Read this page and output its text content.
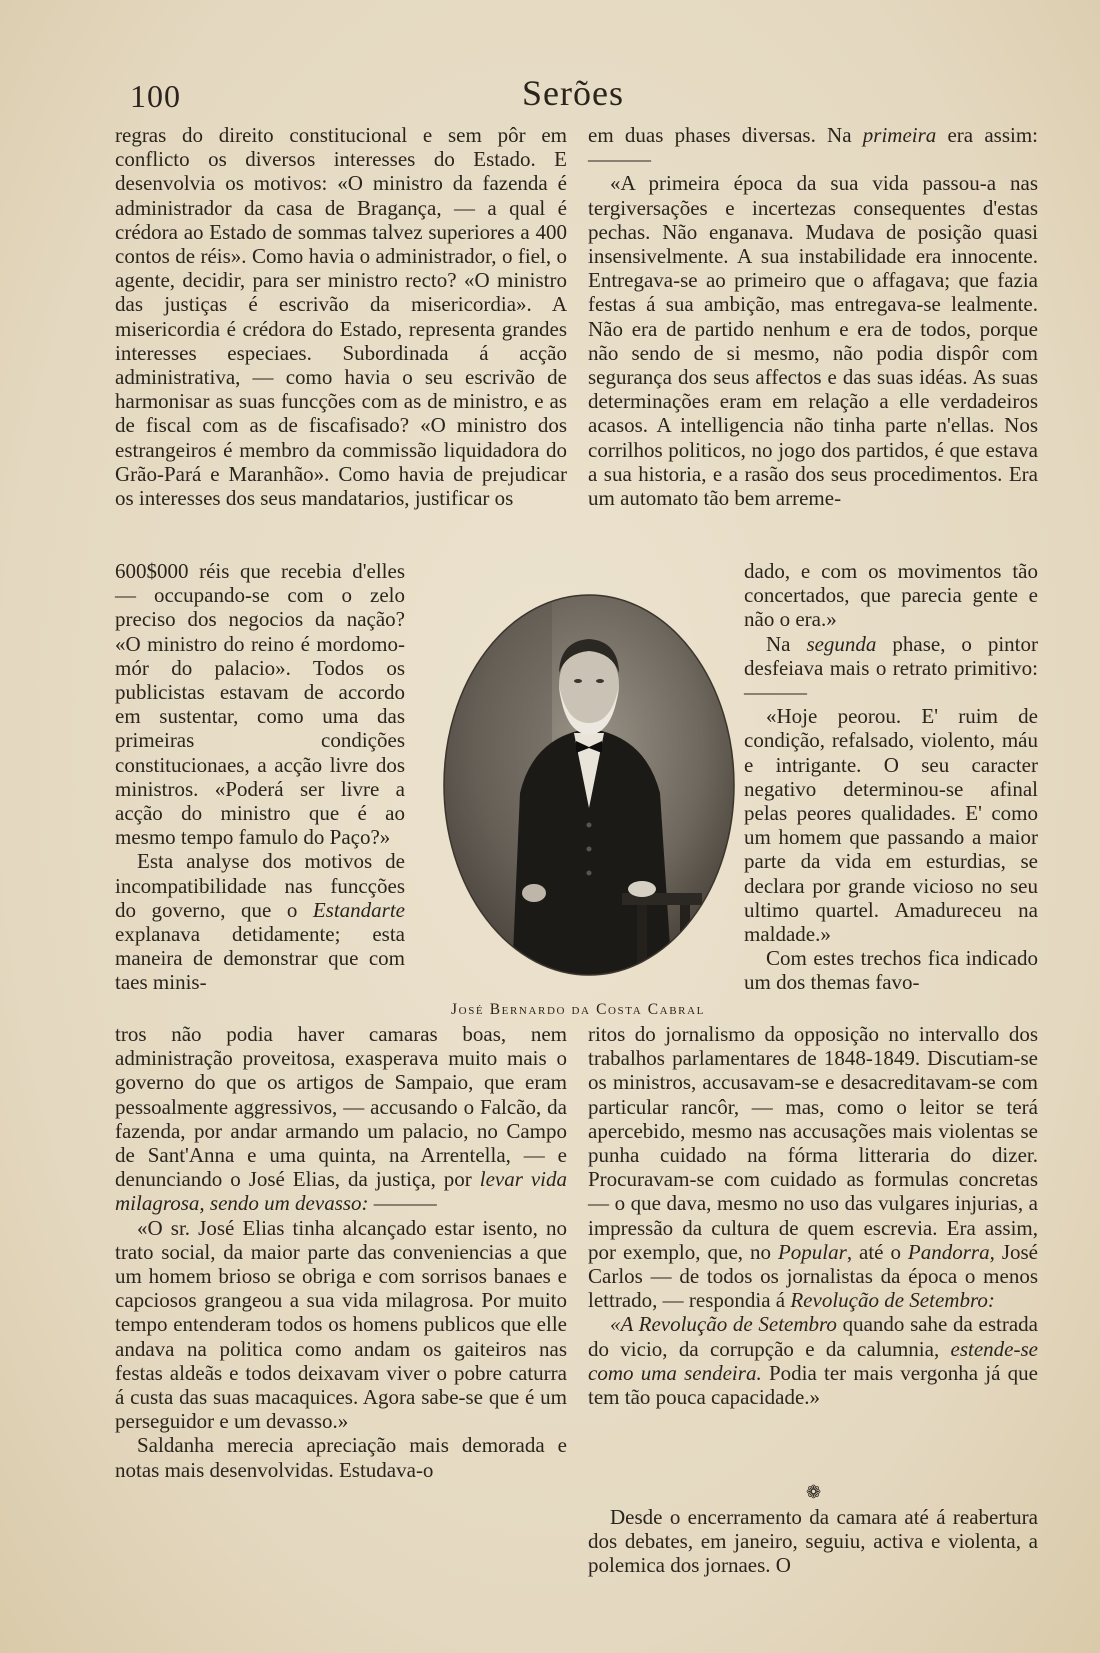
100	Serões

regras do direito constitucional e sem pôr em conflicto os diversos interesses do Estado. E desenvolvia os motivos: «O ministro da fazenda é administrador da casa de Bragança, — a qual é crédora ao Estado de sommas talvez superiores a 400 contos de réis». Como havia o administrador, o fiel, o agente, decidir, para ser ministro recto? «O ministro das justiças é escrivão da misericordia». A misericordia é crédora do Estado, representa grandes interesses especiaes. Subordinada á acção administrativa, — como havia o seu escrivão de harmonisar as suas funcções com as de ministro, e as de fiscal com as de fiscafisado? «O ministro dos estrangeiros é membro da commissão liquidadora do Grão-Pará e Maranhão». Como havia de prejudicar os interesses dos seus mandatarios, justificar os

600$000 réis que recebia d'elles — occupando-se com o zelo preciso dos negocios da nação? «O ministro do reino é mordomo-mór do palacio». Todos os publicistas estavam de accordo em sustentar, como uma das primeiras condições constitucionaes, a acção livre dos ministros. «Poderá ser livre a acção do ministro que é ao mesmo tempo famulo do Paço?»

Esta analyse dos motivos de incompatibilidade nas funcções do governo, que o Estandarte explanava detidamente; esta maneira de demonstrar que com taes minis-

José Bernardo da Costa Cabral

tros não podia haver camaras boas, nem administração proveitosa, exasperava muito mais o governo do que os artigos de Sampaio, que eram pessoalmente aggressivos, — accusando o Falcão, da fazenda, por andar armando um palacio, no Campo de Sant'Anna e uma quinta, na Arrentella, — e denunciando o José Elias, da justiça, por levar vida milagrosa, sendo um devasso: ———

«O sr. José Elias tinha alcançado estar isento, no trato social, da maior parte das conveniencias a que um homem brioso se obriga e com sorrisos banaes e capciosos grangeou a sua vida milagrosa. Por muito tempo entenderam todos os homens publicos que elle andava na politica como andam os gaiteiros nas festas aldeãs e todos deixavam viver o pobre caturra á custa das suas macaquices. Agora sabe-se que é um perseguidor e um devasso.»

Saldanha merecia apreciação mais demorada e notas mais desenvolvidas. Estudava-o

em duas phases diversas. Na primeira era assim: ———

«A primeira época da sua vida passou-a nas tergiversações e incertezas consequentes d'estas pechas. Não enganava. Mudava de posição quasi insensivelmente. A sua instabilidade era innocente. Entregava-se ao primeiro que o affagava; que fazia festas á sua ambição, mas entregava-se lealmente. Não era de partido nenhum e era de todos, porque não sendo de si mesmo, não podia dispôr com segurança dos seus affectos e das suas idéas. As suas determinações eram em relação a elle verdadeiros acasos. A intelligencia não tinha parte n'ellas. Nos corrilhos politicos, no jogo dos partidos, é que estava a sua historia, e a rasão dos seus procedimentos. Era um automato tão bem arreme-

dado, e com os movimentos tão concertados, que parecia gente e não o era.»

Na segunda phase, o pintor desfeiava mais o retrato primitivo: ———

«Hoje peorou. E' ruim de condição, refalsado, violento, máu e intrigante. O seu caracter negativo determinou-se afinal pelas peores qualidades. E' como um homem que passando a maior parte da vida em esturdias, se declara por grande vicioso no seu ultimo quartel. Amadureceu na maldade.»

Com estes trechos fica indicado um dos themas favo-

ritos do jornalismo da opposição no intervallo dos trabalhos parlamentares de 1848-1849. Discutiam-se os ministros, accusavam-se e desacreditavam-se com particular rancôr, — mas, como o leitor se terá apercebido, mesmo nas accusações mais violentas se punha cuidado na fórma litteraria do dizer. Procuravam-se com cuidado as formulas concretas — o que dava, mesmo no uso das vulgares injurias, a impressão da cultura de quem escrevia. Era assim, por exemplo, que, no Popular, até o Pandorra, José Carlos — de todos os jornalistas da época o menos lettrado, — respondia á Revolução de Setembro:

«A Revolução de Setembro quando sahe da estrada do vicio, da corrupção e da calumnia, estende-se como uma sendeira. Podia ter mais vergonha já que tem tão pouca capacidade.»

❁

Desde o encerramento da camara até á reabertura dos debates, em janeiro, seguiu, activa e violenta, a polemica dos jornaes. O
